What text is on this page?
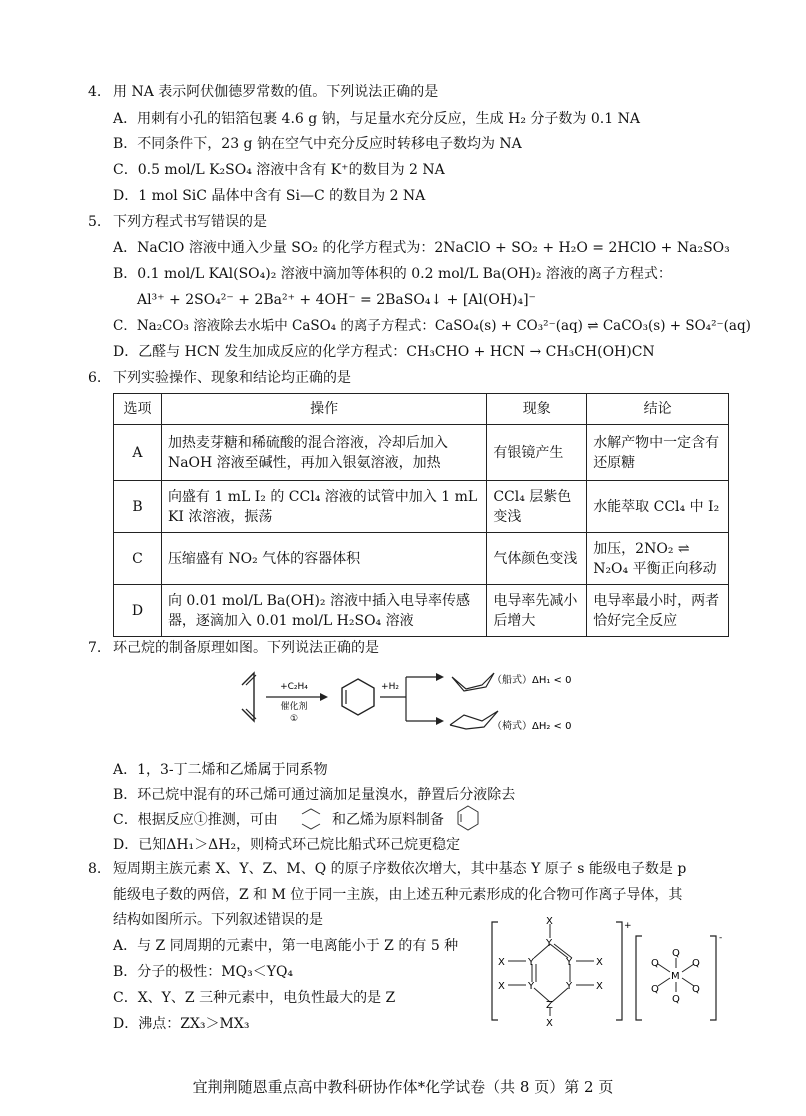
4. 用 NA 表示阿伏伽德罗常数的值。下列说法正确的是
A．用刺有小孔的铝箔包裹 4.6 g 钠，与足量水充分反应，生成 H₂ 分子数为 0.1 NA
B．不同条件下，23 g 钠在空气中充分反应时转移电子数均为 NA
C．0.5 mol/L K₂SO₄ 溶液中含有 K⁺的数目为 2 NA
D．1 mol SiC 晶体中含有 Si—C 的数目为 2 NA
5. 下列方程式书写错误的是
A．NaClO 溶液中通入少量 SO₂ 的化学方程式为：2NaClO + SO₂ + H₂O = 2HClO + Na₂SO₃
B．0.1 mol/L KAl(SO₄)₂ 溶液中滴加等体积的 0.2 mol/L Ba(OH)₂ 溶液的离子方程式：
Al³⁺ + 2SO₄²⁻ + 2Ba²⁺ + 4OH⁻ = 2BaSO₄↓ + [Al(OH)₄]⁻
C．Na₂CO₃ 溶液除去水垢中 CaSO₄ 的离子方程式：CaSO₄(s) + CO₃²⁻(aq) ⇌ CaCO₃(s) + SO₄²⁻(aq)
D．乙醛与 HCN 发生加成反应的化学方程式：CH₃CHO + HCN → CH₃CH(OH)CN
6. 下列实验操作、现象和结论均正确的是
选项	操作	现象	结论
A	加热麦芽糖和稀硫酸的混合溶液，冷却后加入 NaOH 溶液至碱性，再加入银氨溶液，加热	有银镜产生	水解产物中一定含有还原糖
B	向盛有 1 mL I₂ 的 CCl₄ 溶液的试管中加入 1 mL KI 浓溶液，振荡	CCl₄ 层紫色变浅	水能萃取 CCl₄ 中 I₂
C	压缩盛有 NO₂ 气体的容器体积	气体颜色变浅	加压，2NO₂ ⇌ N₂O₄ 平衡正向移动
D	向 0.01 mol/L Ba(OH)₂ 溶液中插入电导率传感器，逐滴加入 0.01 mol/L H₂SO₄ 溶液	电导率先减小后增大	电导率最小时，两者恰好完全反应
7. 环己烷的制备原理如图。下列说法正确的是
+C₂H₄
催化剂
①
+H₂
（船式）ΔH₁ < 0
（椅式）ΔH₂ < 0
A．1，3-丁二烯和乙烯属于同系物
B．环己烷中混有的环己烯可通过滴加足量溴水，静置后分液除去
C．根据反应①推测，可由	和乙烯为原料制备
D．已知ΔH₁＞ΔH₂，则椅式环己烷比船式环己烷更稳定
8. 短周期主族元素 X、Y、Z、M、Q 的原子序数依次增大，其中基态 Y 原子 s 能级电子数是 p
能级电子数的两倍，Z 和 M 位于同一主族，由上述五种元素形成的化合物可作离子导体，其
结构如图所示。下列叙述错误的是
A．与 Z 同周期的元素中，第一电离能小于 Z 的有 5 种
B．分子的极性：MQ₃＜YQ₄
C．X、Y、Z 三种元素中，电负性最大的是 Z
D．沸点：ZX₃＞MX₃
+
X
Y
Y	Y
Y	Y
Z
X
X
X
X
X
-
Q
Q	Q
M
Q	Q
Q
宜荆荆随恩重点高中教科研协作体*化学试卷（共 8 页）第 2 页
